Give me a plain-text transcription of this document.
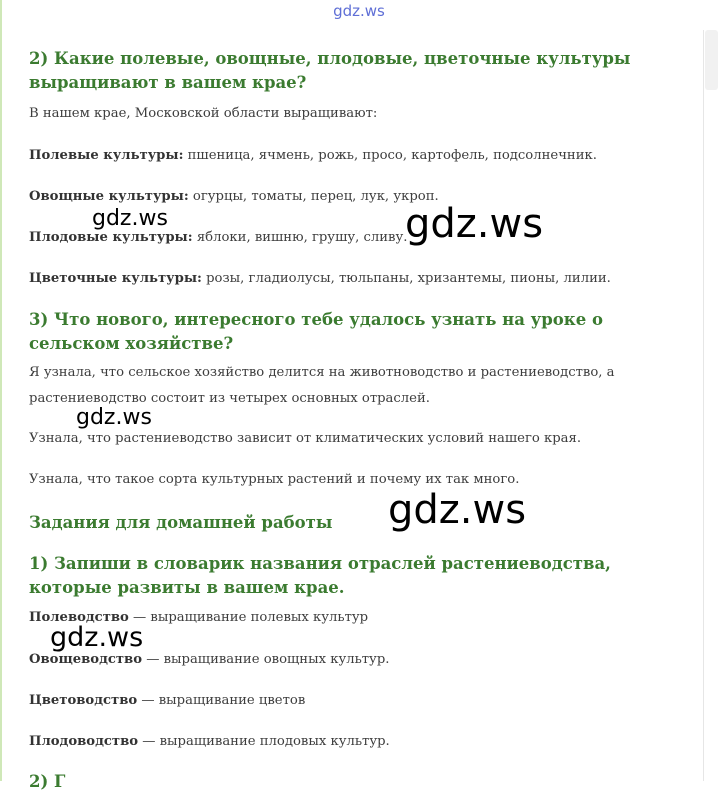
gdz.ws
2) Какие полевые, овощные, плодовые, цветочные культуры выращивают в вашем крае?

В нашем крае, Московской области выращивают:

Полевые культуры: пшеница, ячмень, рожь, просо, картофель, подсолнечник.

Овощные культуры: огурцы, томаты, перец, лук, укроп.

Плодовые культуры: яблоки, вишню, грушу, сливу.

Цветочные культуры: розы, гладиолусы, тюльпаны, хризантемы, пионы, лилии.

3) Что нового, интересного тебе удалось узнать на уроке о сельском хозяйстве?

Я узнала, что сельское хозяйство делится на животноводство и растениеводство, а растениеводство состоит из четырех основных отраслей.

Узнала, что растениеводство зависит от климатических условий нашего края.

Узнала, что такое сорта культурных растений и почему их так много.

Задания для домашней работы
1) Запиши в словарик названия отраслей растениеводства, которые развиты в вашем крае.

Полеводство — выращивание полевых культур

Овощеводство — выращивание овощных культур.

Цветоводство — выращивание цветов

Плодоводство — выращивание плодовых культур.

2) Г
gdz.ws	gdz.ws
gdz.ws
gdz.ws
gdz.ws
